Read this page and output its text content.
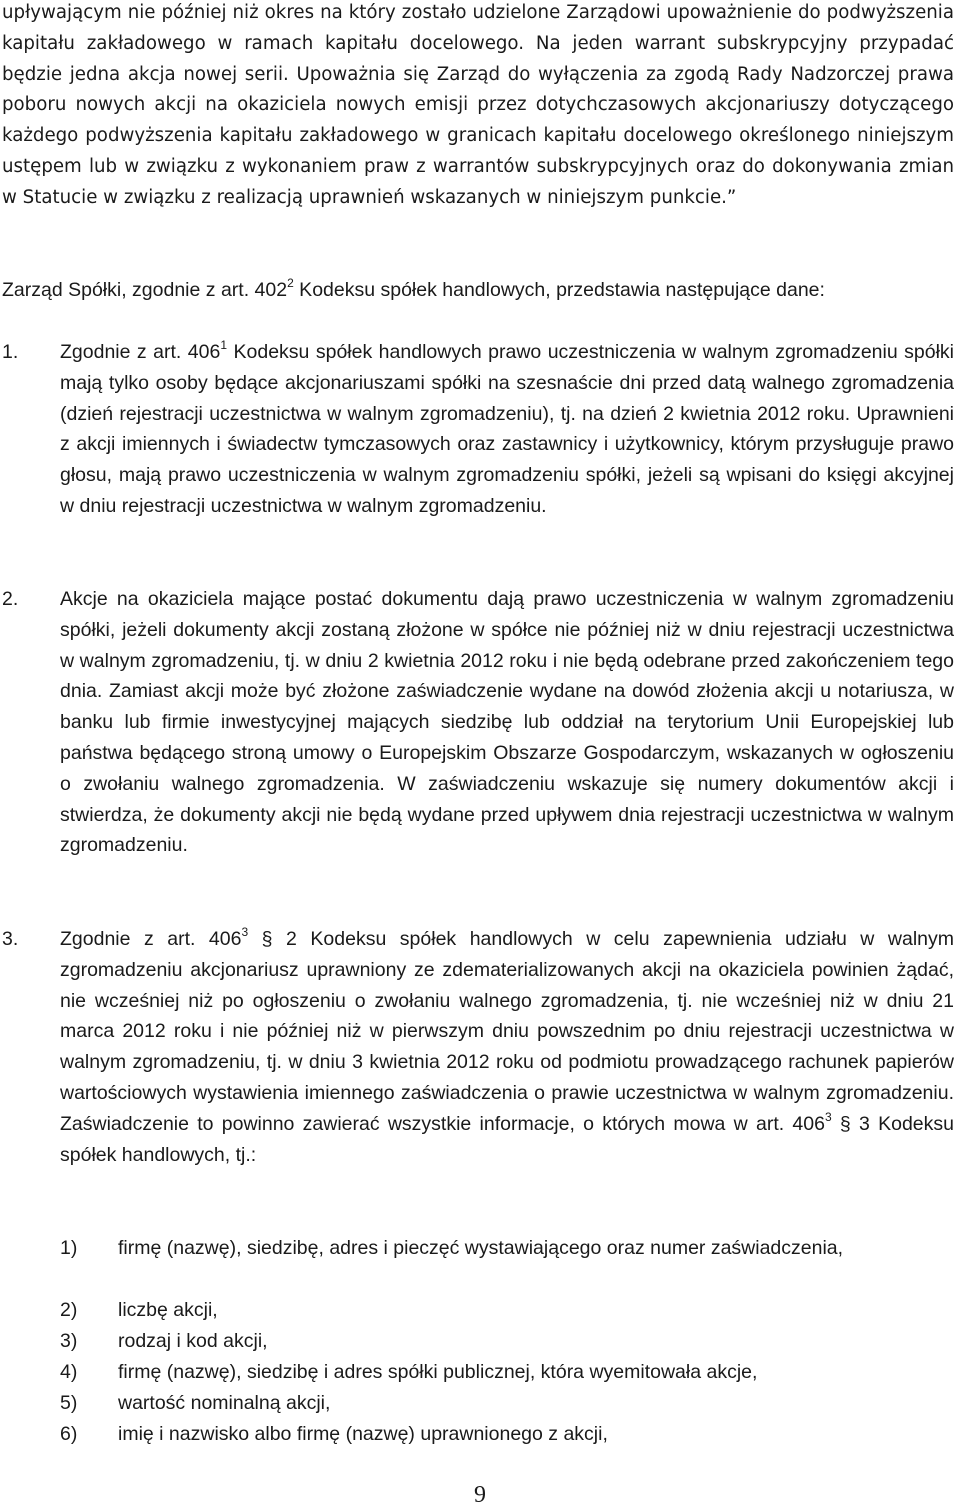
upływającym nie później niż okres na który zostało udzielone Zarządowi upoważnienie do podwyższenia kapitału zakładowego w ramach kapitału docelowego. Na jeden warrant subskrypcyjny przypadać będzie jedna akcja nowej serii. Upoważnia się Zarząd do wyłączenia za zgodą Rady Nadzorczej prawa poboru nowych akcji na okaziciela nowych emisji przez dotychczasowych akcjonariuszy dotyczącego każdego podwyższenia kapitału zakładowego w granicach kapitału docelowego określonego niniejszym ustępem lub w związku z wykonaniem praw z warrantów subskrypcyjnych oraz do dokonywania zmian w Statucie w związku z realizacją uprawnień wskazanych w niniejszym punkcie.”

Zarząd Spółki, zgodnie z art. $402^2$ Kodeksu spółek handlowych, przedstawia następujące dane:

1. Zgodnie z art. $406^1$ Kodeksu spółek handlowych prawo uczestniczenia w walnym zgromadzeniu spółki mają tylko osoby będące akcjonariuszami spółki na szesnaście dni przed datą walnego zgromadzenia (dzień rejestracji uczestnictwa w walnym zgromadzeniu), tj. na dzień 2 kwietnia 2012 roku. Uprawnieni z akcji imiennych i świadectw tymczasowych oraz zastawnicy i użytkownicy, którym przysługuje prawo głosu, mają prawo uczestniczenia w walnym zgromadzeniu spółki, jeżeli są wpisani do księgi akcyjnej w dniu rejestracji uczestnictwa w walnym zgromadzeniu.
2. Akcje na okaziciela mające postać dokumentu dają prawo uczestniczenia w walnym zgromadzeniu spółki, jeżeli dokumenty akcji zostaną złożone w spółce nie później niż w dniu rejestracji uczestnictwa w walnym zgromadzeniu, tj. w dniu 2 kwietnia 2012 roku i nie będą odebrane przed zakończeniem tego dnia. Zamiast akcji może być złożone zaświadczenie wydane na dowód złożenia akcji u notariusza, w banku lub firmie inwestycyjnej mających siedzibę lub oddział na terytorium Unii Europejskiej lub państwa będącego stroną umowy o Europejskim Obszarze Gospodarczym, wskazanych w ogłoszeniu o zwołaniu walnego zgromadzenia. W zaświadczeniu wskazuje się numery dokumentów akcji i stwierdza, że dokumenty akcji nie będą wydane przed upływem dnia rejestracji uczestnictwa w walnym zgromadzeniu.
3. Zgodnie z art. $406^3$ § 2 Kodeksu spółek handlowych w celu zapewnienia udziału w walnym zgromadzeniu akcjonariusz uprawniony ze zdematerializowanych akcji na okaziciela powinien żądać, nie wcześniej niż po ogłoszeniu o zwołaniu walnego zgromadzenia, tj. nie wcześniej niż w dniu 21 marca 2012 roku i nie później niż w pierwszym dniu powszednim po dniu rejestracji uczestnictwa w walnym zgromadzeniu, tj. w dniu 3 kwietnia 2012 roku od podmiotu prowadzącego rachunek papierów wartościowych wystawienia imiennego zaświadczenia o prawie uczestnictwa w walnym zgromadzeniu. Zaświadczenie to powinno zawierać wszystkie informacje, o których mowa w art. $406^3$ § 3 Kodeksu spółek handlowych, tj.:
1) firmę (nazwę), siedzibę, adres i pieczęć wystawiającego oraz numer zaświadczenia,
2) liczbę akcji,
3) rodzaj i kod akcji,
4) firmę (nazwę), siedzibę i adres spółki publicznej, która wyemitowała akcje,
5) wartość nominalną akcji,
6) imię i nazwisko albo firmę (nazwę) uprawnionego z akcji,
9
